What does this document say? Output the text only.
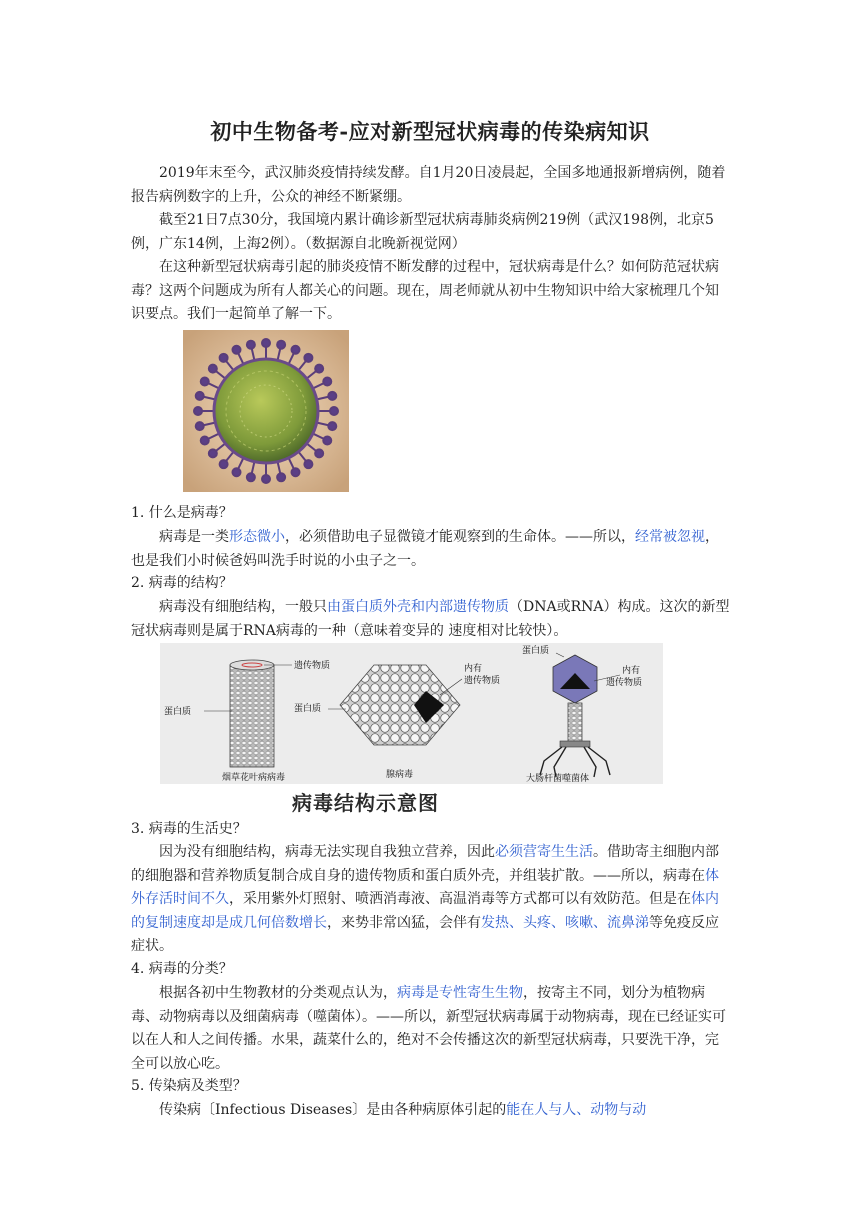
初中生物备考-应对新型冠状病毒的传染病知识

2019年末至今，武汉肺炎疫情持续发酵。自1月20日凌晨起，全国多地通报新增病例，随着报告病例数字的上升，公众的神经不断紧绷。

截至21日7点30分，我国境内累计确诊新型冠状病毒肺炎病例219例（武汉198例，北京5例，广东14例，上海2例）。（数据源自北晚新视觉网）

在这种新型冠状病毒引起的肺炎疫情不断发酵的过程中，冠状病毒是什么？如何防范冠状病毒？这两个问题成为所有人都关心的问题。现在，周老师就从初中生物知识中给大家梳理几个知识要点。我们一起简单了解一下。

1. 什么是病毒？

病毒是一类形态微小，必须借助电子显微镜才能观察到的生命体。——所以，经常被忽视，也是我们小时候爸妈叫洗手时说的小虫子之一。

2. 病毒的结构？

病毒没有细胞结构，一般只由蛋白质外壳和内部遗传物质（DNA或RNA）构成。这次的新型冠状病毒则是属于RNA病毒的一种（意味着变异的 速度相对比较快）。

遗传物质
蛋白质
烟草花叶病病毒
内有
遗传物质
蛋白质
腺病毒
内有
遗传物质
蛋白质
大肠杆菌噬菌体
病毒结构示意图

3. 病毒的生活史？

因为没有细胞结构，病毒无法实现自我独立营养，因此必须营寄生生活。借助寄主细胞内部的细胞器和营养物质复制合成自身的遗传物质和蛋白质外壳，并组装扩散。——所以，病毒在体外存活时间不久，采用紫外灯照射、喷洒消毒液、高温消毒等方式都可以有效防范。但是在体内的复制速度却是成几何倍数增长，来势非常凶猛，会伴有发热、头疼、咳嗽、流鼻涕等免疫反应症状。

4. 病毒的分类？

根据各初中生物教材的分类观点认为，病毒是专性寄生生物，按寄主不同，划分为植物病毒、动物病毒以及细菌病毒（噬菌体）。——所以，新型冠状病毒属于动物病毒，现在已经证实可以在人和人之间传播。水果，蔬菜什么的，绝对不会传播这次的新型冠状病毒，只要洗干净，完全可以放心吃。

5. 传染病及类型？

传染病〔Infectious Diseases〕是由各种病原体引起的能在人与人、动物与动
